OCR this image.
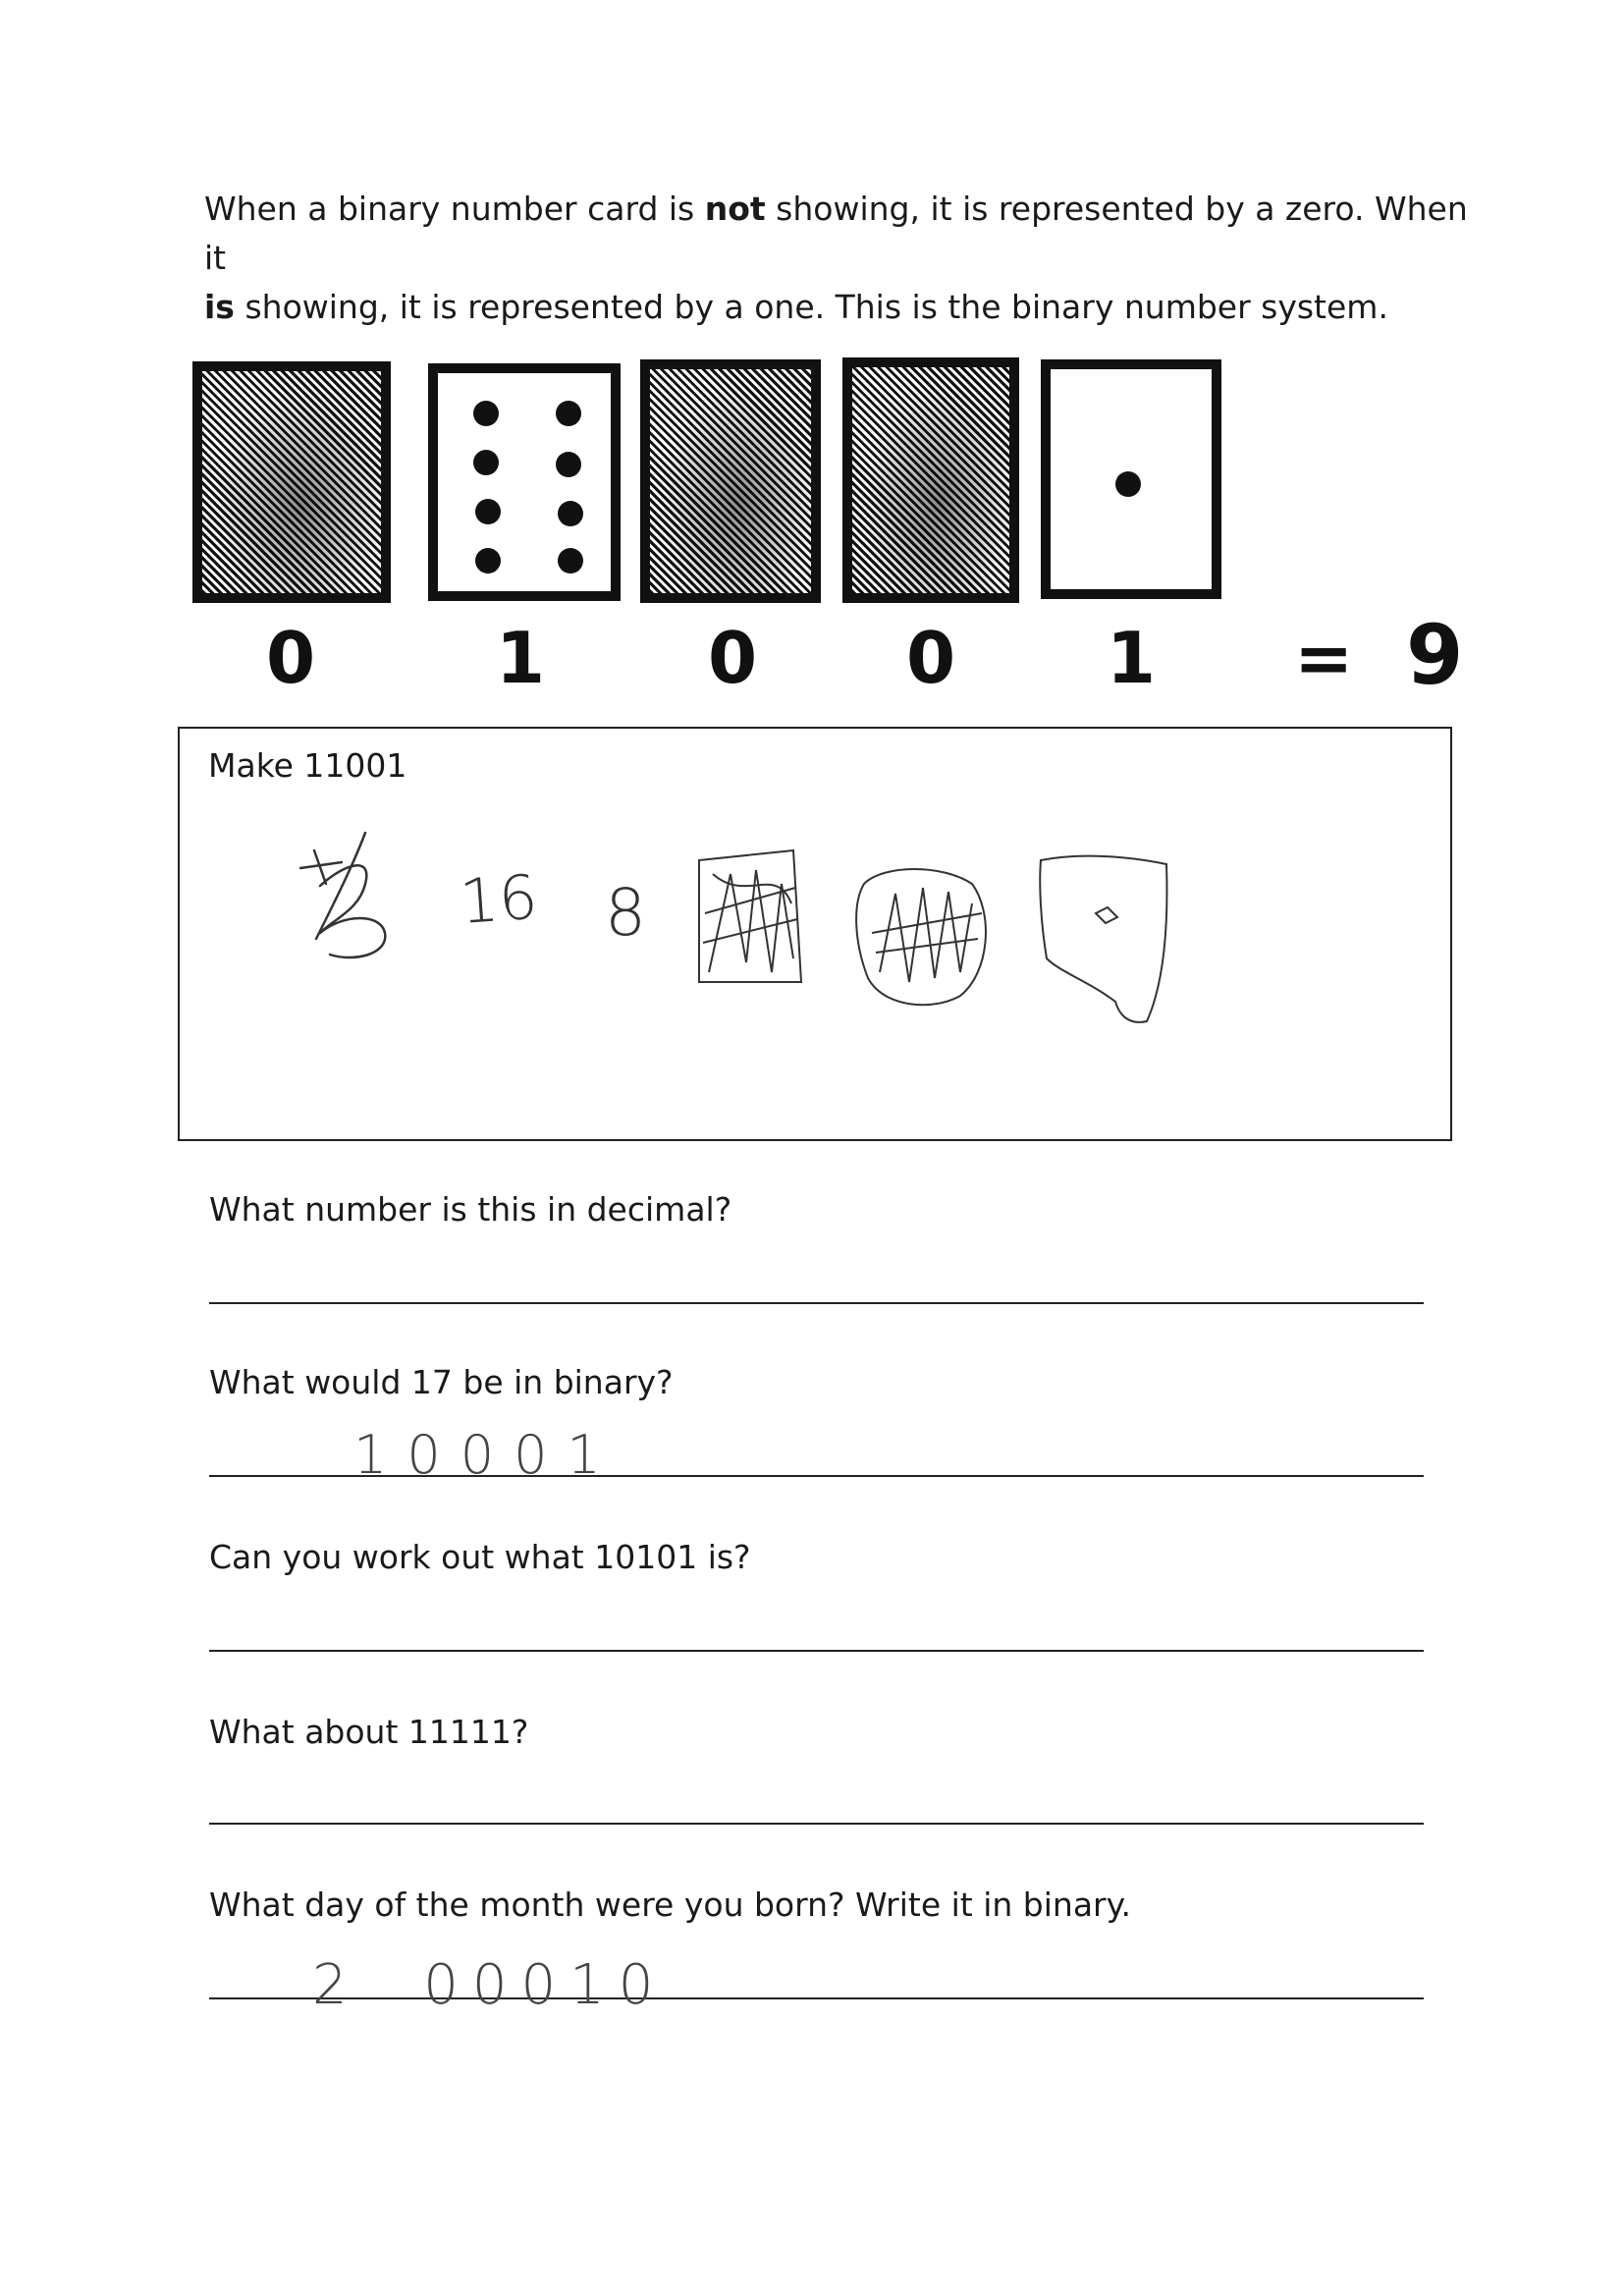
When a binary number card is not showing, it is represented by a zero. When it
is showing, it is represented by a one. This is the binary number system.
0	1 0 0 1 = 9
Make 11001
16 8
What number is this in decimal?
What would 17 be in binary?
Can you work out what 10101 is?
What about 11111?
What day of the month were you born? Write it in binary.
10001
2  00010
